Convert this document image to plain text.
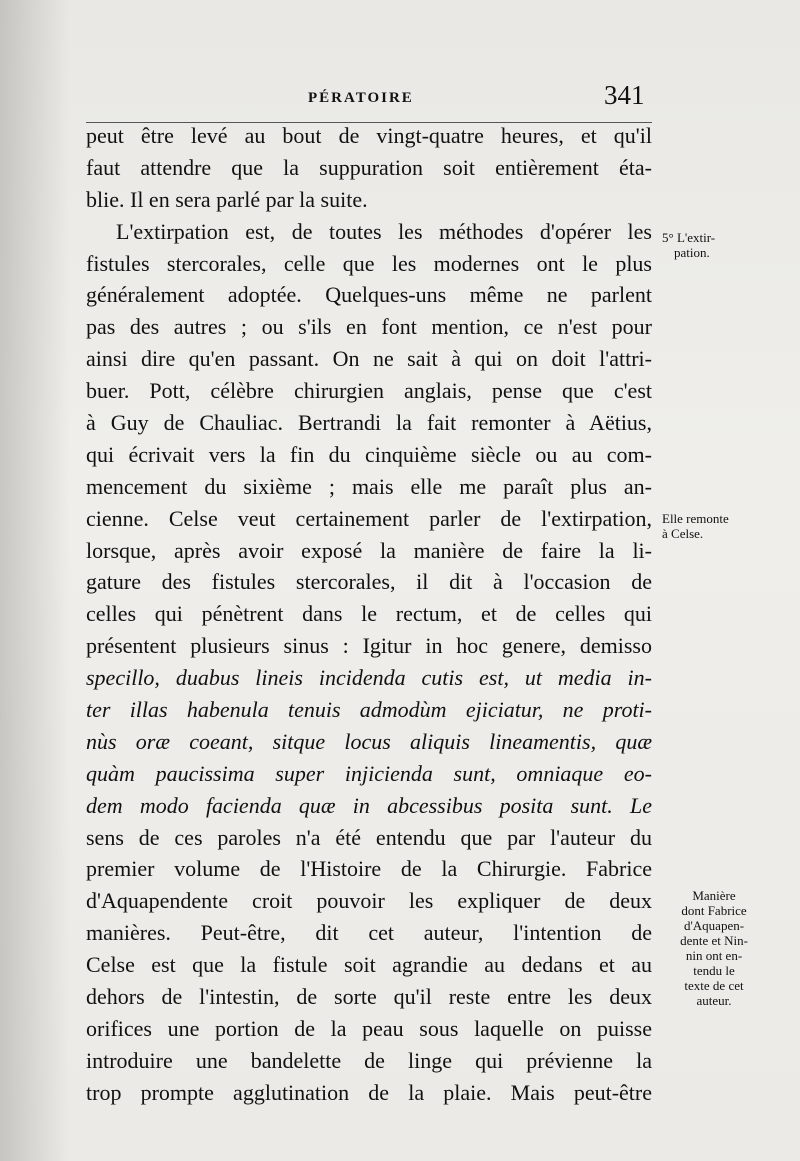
PÉRATOIRE	341
peut être levé au bout de vingt-quatre heures, et qu'il
faut attendre que la suppuration soit entièrement éta-
blie. Il en sera parlé par la suite.
L'extirpation est, de toutes les méthodes d'opérer les
fistules stercorales, celle que les modernes ont le plus
généralement adoptée. Quelques-uns même ne parlent
pas des autres ; ou s'ils en font mention, ce n'est pour
ainsi dire qu'en passant. On ne sait à qui on doit l'attri-
buer. Pott, célèbre chirurgien anglais, pense que c'est
à Guy de Chauliac. Bertrandi la fait remonter à Aëtius,
qui écrivait vers la fin du cinquième siècle ou au com-
mencement du sixième ; mais elle me paraît plus an-
cienne. Celse veut certainement parler de l'extirpation,
lorsque, après avoir exposé la manière de faire la li-
gature des fistules stercorales, il dit à l'occasion de
celles qui pénètrent dans le rectum, et de celles qui
présentent plusieurs sinus : Igitur in hoc genere, demisso
specillo, duabus lineis incidenda cutis est, ut media in-
ter illas habenula tenuis admodùm ejiciatur, ne proti-
nùs oræ coeant, sitque locus aliquis lineamentis, quæ
quàm paucissima super injicienda sunt, omniaque eo-
dem modo facienda quæ in abcessibus posita sunt. Le
sens de ces paroles n'a été entendu que par l'auteur du
premier volume de l'Histoire de la Chirurgie. Fabrice
d'Aquapendente croit pouvoir les expliquer de deux
manières. Peut-être, dit cet auteur, l'intention de
Celse est que la fistule soit agrandie au dedans et au
dehors de l'intestin, de sorte qu'il reste entre les deux
orifices une portion de la peau sous laquelle on puisse
introduire une bandelette de linge qui prévienne la
trop prompte agglutination de la plaie. Mais peut-être
5° L'extir-
pation.
Elle remonte
à Celse.
Manière
dont Fabrice
d'Aquapen-
dente et Nin-
nin ont en-
tendu le
texte de cet
auteur.
